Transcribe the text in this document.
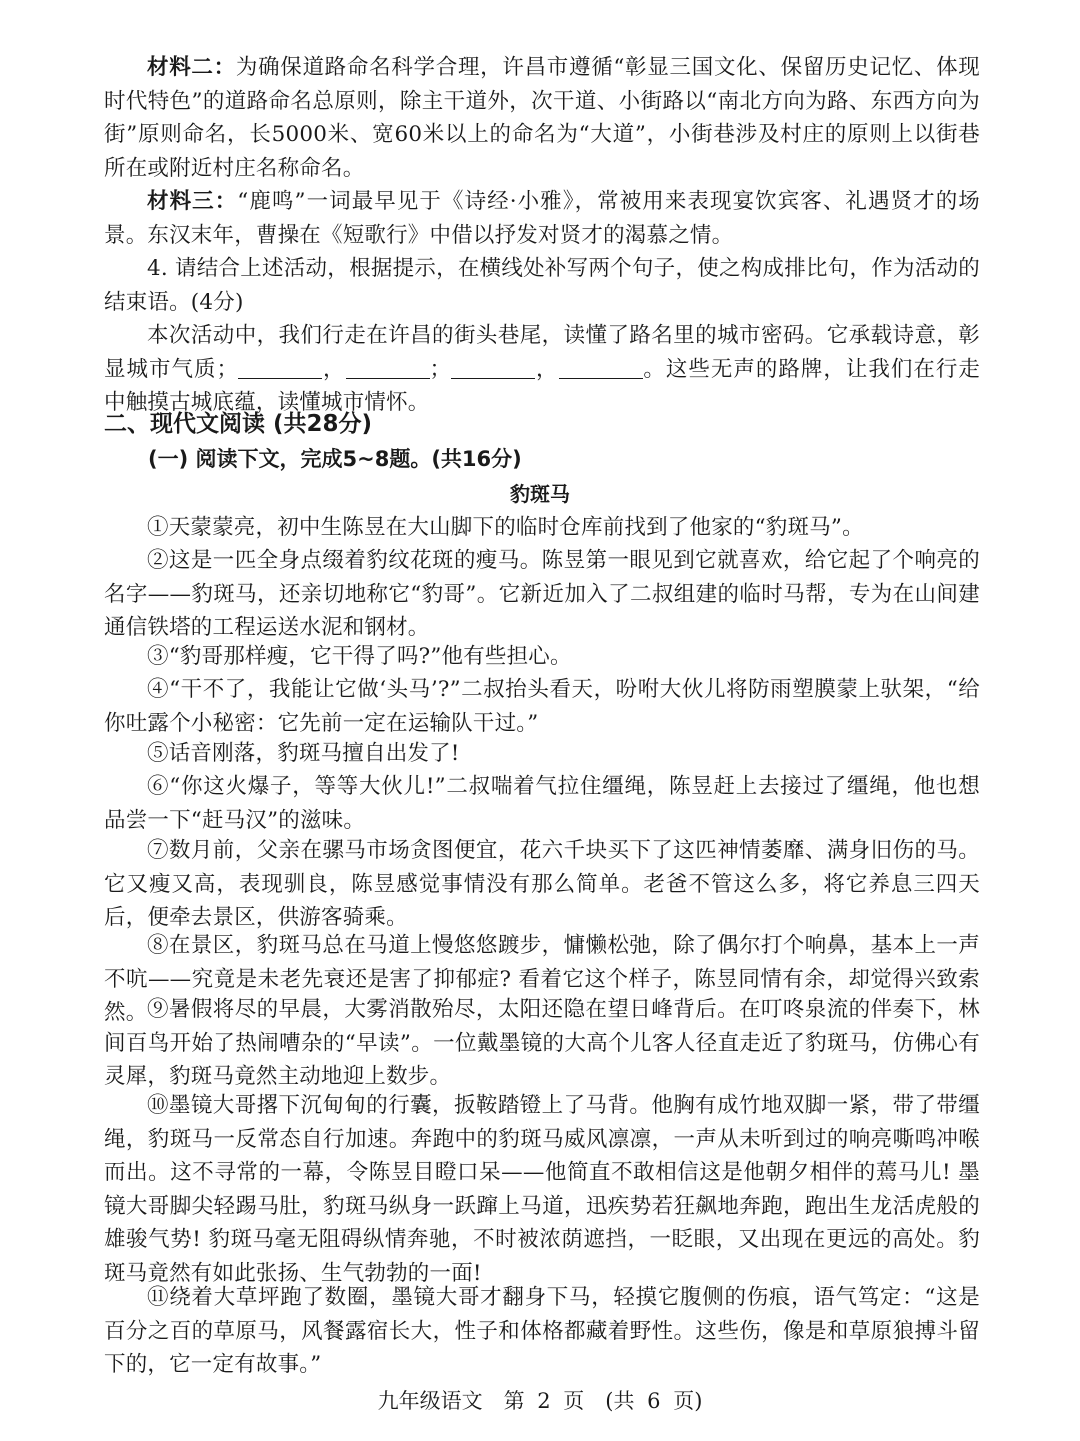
材料二：为确保道路命名科学合理，许昌市遵循“彰显三国文化、保留历史记忆、体现时代特色”的道路命名总原则，除主干道外，次干道、小街路以“南北方向为路、东西方向为街”原则命名，长5000米、宽60米以上的命名为“大道”，小街巷涉及村庄的原则上以街巷所在或附近村庄名称命名。

材料三：“鹿鸣”一词最早见于《诗经·小雅》，常被用来表现宴饮宾客、礼遇贤才的场景。东汉末年，曹操在《短歌行》中借以抒发对贤才的渴慕之情。

4. 请结合上述活动，根据提示，在横线处补写两个句子，使之构成排比句，作为活动的结束语。(4分)

本次活动中，我们行走在许昌的街头巷尾，读懂了路名里的城市密码。它承载诗意，彰显城市气质；	，	；	，	。这些无声的路牌，让我们在行走中触摸古城底蕴，读懂城市情怀。

二、现代文阅读 (共28分)
(一) 阅读下文，完成5~8题。(共16分)
豹斑马

①天蒙蒙亮，初中生陈昱在大山脚下的临时仓库前找到了他家的“豹斑马”。

②这是一匹全身点缀着豹纹花斑的瘦马。陈昱第一眼见到它就喜欢，给它起了个响亮的名字——豹斑马，还亲切地称它“豹哥”。它新近加入了二叔组建的临时马帮，专为在山间建通信铁塔的工程运送水泥和钢材。

③“豹哥那样瘦，它干得了吗?”他有些担心。

④“干不了，我能让它做‘头马’?”二叔抬头看天，吩咐大伙儿将防雨塑膜蒙上驮架，“给你吐露个小秘密：它先前一定在运输队干过。”

⑤话音刚落，豹斑马擅自出发了!

⑥“你这火爆子，等等大伙儿!”二叔喘着气拉住缰绳，陈昱赶上去接过了缰绳，他也想品尝一下“赶马汉”的滋味。

⑦数月前，父亲在骡马市场贪图便宜，花六千块买下了这匹神情萎靡、满身旧伤的马。它又瘦又高，表现驯良，陈昱感觉事情没有那么简单。老爸不管这么多，将它养息三四天后，便牵去景区，供游客骑乘。

⑧在景区，豹斑马总在马道上慢悠悠踱步，慵懒松弛，除了偶尔打个响鼻，基本上一声不吭——究竟是未老先衰还是害了抑郁症? 看着它这个样子，陈昱同情有余，却觉得兴致索然。 ⑨暑假将尽的早晨，大雾消散殆尽，太阳还隐在望日峰背后。在叮咚泉流的伴奏下，林间百鸟开始了热闹嘈杂的“早读”。一位戴墨镜的大高个儿客人径直走近了豹斑马，仿佛心有灵犀，豹斑马竟然主动地迎上数步。

⑩墨镜大哥撂下沉甸甸的行囊，扳鞍踏镫上了马背。他胸有成竹地双脚一紧，带了带缰绳，豹斑马一反常态自行加速。奔跑中的豹斑马威风凛凛，一声从未听到过的响亮嘶鸣冲喉而出。这不寻常的一幕，令陈昱目瞪口呆——他简直不敢相信这是他朝夕相伴的蔫马儿! 墨镜大哥脚尖轻踢马肚，豹斑马纵身一跃蹿上马道，迅疾势若狂飙地奔跑，跑出生龙活虎般的雄骏气势! 豹斑马毫无阻碍纵情奔驰，不时被浓荫遮挡，一眨眼，又出现在更远的高处。豹斑马竟然有如此张扬、生气勃勃的一面!

⑪绕着大草坪跑了数圈，墨镜大哥才翻身下马，轻摸它腹侧的伤痕，语气笃定：“这是百分之百的草原马，风餐露宿长大，性子和体格都藏着野性。这些伤，像是和草原狼搏斗留下的，它一定有故事。”

九年级语文　第 2 页　(共 6 页)
